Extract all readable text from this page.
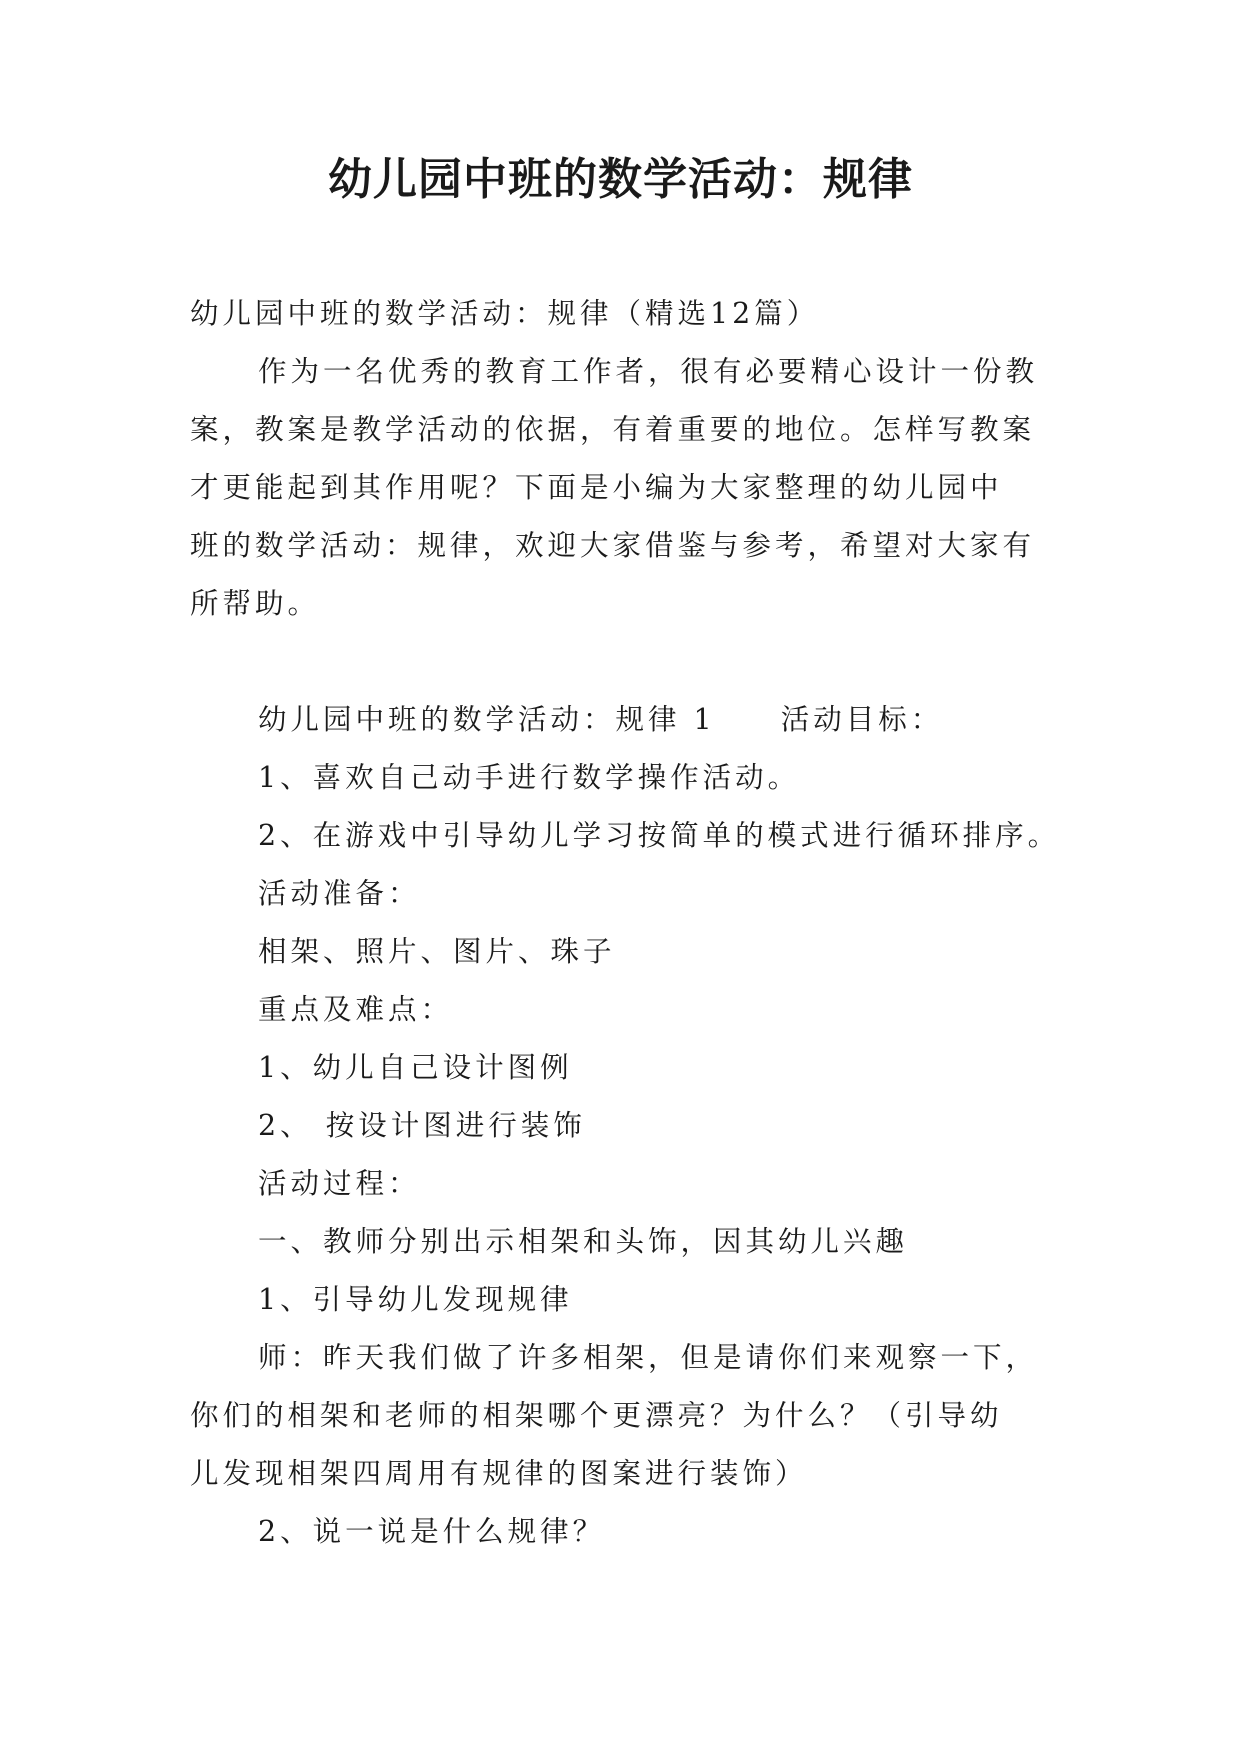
幼儿园中班的数学活动：规律
幼儿园中班的数学活动：规律（精选12篇）
作为一名优秀的教育工作者，很有必要精心设计一份教
案，教案是教学活动的依据，有着重要的地位。怎样写教案
才更能起到其作用呢？下面是小编为大家整理的幼儿园中
班的数学活动：规律，欢迎大家借鉴与参考，希望对大家有
所帮助。
幼儿园中班的数学活动：规律 1　　活动目标：
1、喜欢自己动手进行数学操作活动。
2、在游戏中引导幼儿学习按简单的模式进行循环排序。
活动准备：
相架、照片、图片、珠子
重点及难点：
1、幼儿自己设计图例
2、 按设计图进行装饰
活动过程：
一、教师分别出示相架和头饰，因其幼儿兴趣
1、引导幼儿发现规律
师：昨天我们做了许多相架，但是请你们来观察一下，
你们的相架和老师的相架哪个更漂亮？为什么？（引导幼
儿发现相架四周用有规律的图案进行装饰）
2、说一说是什么规律？
